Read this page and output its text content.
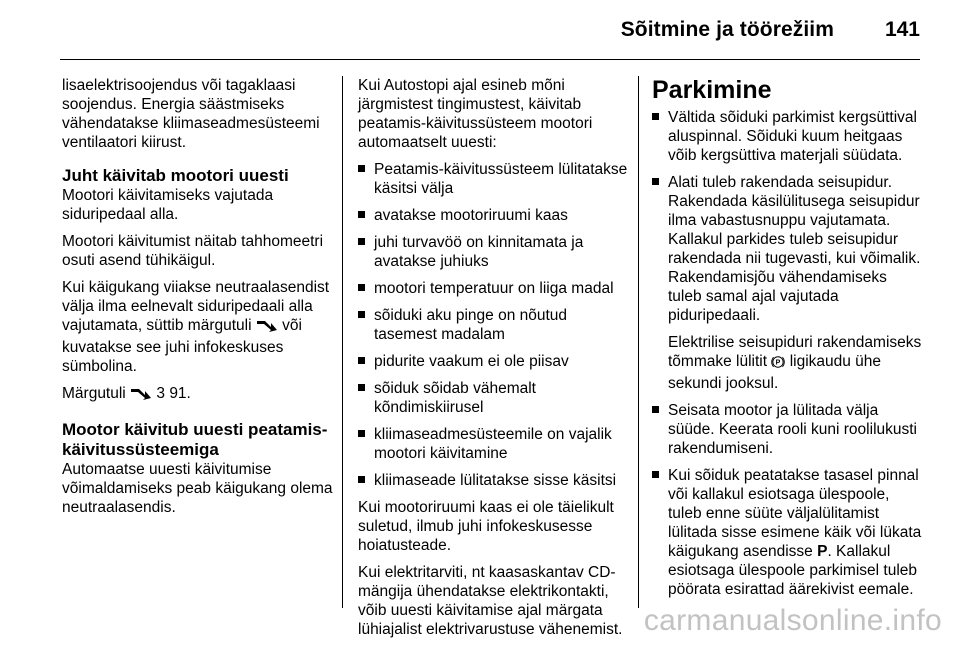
Sõitmine ja töörežiim 141

lisaelektrisoojendus või tagaklaasi soojendus. Energia säästmiseks vähendatakse kliimaseadmesüsteemi ventilaatori kiirust.

Juht käivitab mootori uuesti

Mootori käivitamiseks vajutada siduripedaal alla.

Mootori käivitumist näitab tahhomeetri osuti asend tühikäigul.

Kui käigukang viiakse neutraalasendist välja ilma eelnevalt siduripedaali alla vajutamata, süttib märgutuli või kuvatakse see juhi infokeskuses sümbolina.

Märgutuli 3 91.

Mootor käivitub uuesti peatamis-käivitussüsteemiga

Automaatse uuesti käivitumise võimaldamiseks peab käigukang olema neutraalasendis.

Kui Autostopi ajal esineb mõni järgmistest tingimustest, käivitab peatamis-käivitussüsteem mootori automaatselt uuesti:

Peatamis-käivitussüsteem lülitatakse käsitsi välja
avatakse mootoriruumi kaas
juhi turvavöö on kinnitamata ja avatakse juhiuks
mootori temperatuur on liiga madal
sõiduki aku pinge on nõutud tasemest madalam
pidurite vaakum ei ole piisav
sõiduk sõidab vähemalt kõndimiskiirusel
kliimaseadmesüsteemile on vajalik mootori käivitamine
kliimaseade lülitatakse sisse käsitsi

Kui mootoriruumi kaas ei ole täielikult suletud, ilmub juhi infokeskusesse hoiatusteade.

Kui elektritarviti, nt kaasaskantav CD-mängija ühendatakse elektrikontakti, võib uuesti käivitamise ajal märgata lühiajalist elektrivarustuse vähenemist.

Parkimine
Vältida sõiduki parkimist kergsüttival aluspinnal. Sõiduki kuum heitgaas võib kergsüttiva materjali süüdata.

Alati tuleb rakendada seisupidur. Rakendada käsilülitusega seisupidur ilma vabastusnuppu vajutamata. Kallakul parkides tuleb seisupidur rakendada nii tugevasti, kui võimalik. Rakendamisjõu vähendamiseks tuleb samal ajal vajutada piduripedaali.

Elektrilise seisupiduri rakendamiseks tõmmake lülitit P ligikaudu ühe sekundi jooksul.

Seisata mootor ja lülitada välja süüde. Keerata rooli kuni roolilukusti rakendumiseni.
Kui sõiduk peatatakse tasasel pinnal või kallakul esiotsaga ülespoole, tuleb enne süüte väljalülitamist lülitada sisse esimene käik või lükata käigukang asendisse P. Kallakul esiotsaga ülespoole parkimisel tuleb pöörata esirattad äärekivist eemale.
carmanualsonline.info
